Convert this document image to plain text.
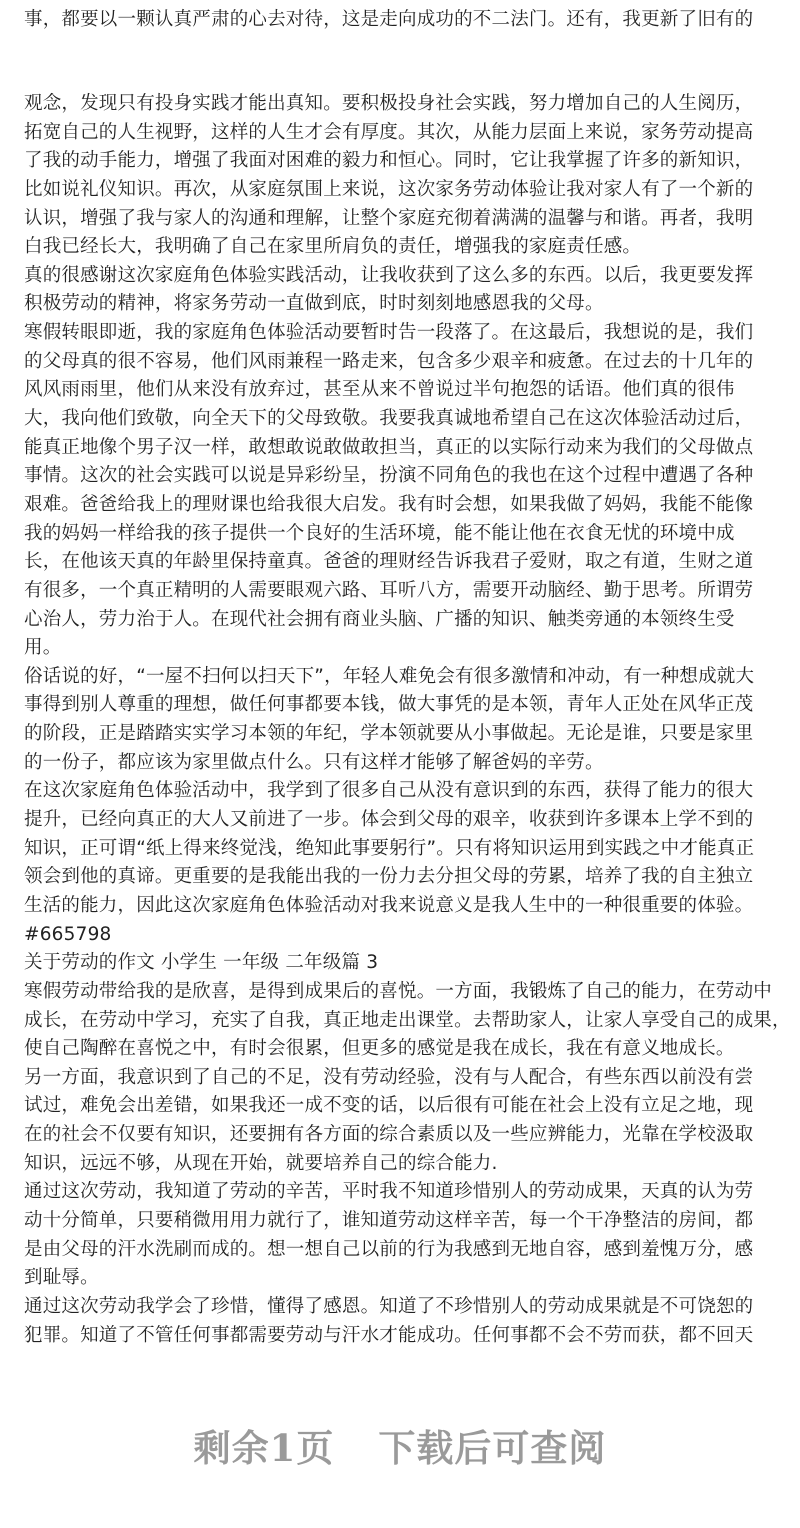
事，都要以一颗认真严肃的心去对待，这是走向成功的不二法门。还有，我更新了旧有的
观念，发现只有投身实践才能出真知。要积极投身社会实践，努力增加自己的人生阅历，
拓宽自己的人生视野，这样的人生才会有厚度。其次，从能力层面上来说，家务劳动提高
了我的动手能力，增强了我面对困难的毅力和恒心。同时，它让我掌握了许多的新知识，
比如说礼仪知识。再次，从家庭氛围上来说，这次家务劳动体验让我对家人有了一个新的
认识，增强了我与家人的沟通和理解，让整个家庭充彻着满满的温馨与和谐。再者，我明
白我已经长大，我明确了自己在家里所肩负的责任，增强我的家庭责任感。
真的很感谢这次家庭角色体验实践活动，让我收获到了这么多的东西。以后，我更要发挥
积极劳动的精神，将家务劳动一直做到底，时时刻刻地感恩我的父母。
寒假转眼即逝，我的家庭角色体验活动要暂时告一段落了。在这最后，我想说的是，我们
的父母真的很不容易，他们风雨兼程一路走来，包含多少艰辛和疲惫。在过去的十几年的
风风雨雨里，他们从来没有放弃过，甚至从来不曾说过半句抱怨的话语。他们真的很伟
大，我向他们致敬，向全天下的父母致敬。我要我真诚地希望自己在这次体验活动过后，
能真正地像个男子汉一样，敢想敢说敢做敢担当，真正的以实际行动来为我们的父母做点
事情。这次的社会实践可以说是异彩纷呈，扮演不同角色的我也在这个过程中遭遇了各种
艰难。爸爸给我上的理财课也给我很大启发。我有时会想，如果我做了妈妈，我能不能像
我的妈妈一样给我的孩子提供一个良好的生活环境，能不能让他在衣食无忧的环境中成
长，在他该天真的年龄里保持童真。爸爸的理财经告诉我君子爱财，取之有道，生财之道
有很多，一个真正精明的人需要眼观六路、耳听八方，需要开动脑经、勤于思考。所谓劳
心治人，劳力治于人。在现代社会拥有商业头脑、广播的知识、触类旁通的本领终生受
用。
俗话说的好，“一屋不扫何以扫天下”，年轻人难免会有很多激情和冲动，有一种想成就大
事得到别人尊重的理想，做任何事都要本钱，做大事凭的是本领，青年人正处在风华正茂
的阶段，正是踏踏实实学习本领的年纪，学本领就要从小事做起。无论是谁，只要是家里
的一份子，都应该为家里做点什么。只有这样才能够了解爸妈的辛劳。
在这次家庭角色体验活动中，我学到了很多自己从没有意识到的东西，获得了能力的很大
提升，已经向真正的大人又前进了一步。体会到父母的艰辛，收获到许多课本上学不到的
知识，正可谓“纸上得来终觉浅，绝知此事要躬行”。只有将知识运用到实践之中才能真正
领会到他的真谛。更重要的是我能出我的一份力去分担父母的劳累，培养了我的自主独立
生活的能力，因此这次家庭角色体验活动对我来说意义是我人生中的一种很重要的体验。
#665798
关于劳动的作文 小学生 一年级 二年级篇 3
寒假劳动带给我的是欣喜，是得到成果后的喜悦。一方面，我锻炼了自己的能力，在劳动中
成长，在劳动中学习，充实了自我，真正地走出课堂。去帮助家人，让家人享受自己的成果，
使自己陶醉在喜悦之中，有时会很累，但更多的感觉是我在成长，我在有意义地成长。
另一方面，我意识到了自己的不足，没有劳动经验，没有与人配合，有些东西以前没有尝
试过，难免会出差错，如果我还一成不变的话，以后很有可能在社会上没有立足之地，现
在的社会不仅要有知识，还要拥有各方面的综合素质以及一些应辨能力，光靠在学校汲取
知识，远远不够，从现在开始，就要培养自己的综合能力.
通过这次劳动，我知道了劳动的辛苦，平时我不知道珍惜别人的劳动成果，天真的认为劳
动十分简单，只要稍微用用力就行了，谁知道劳动这样辛苦，每一个干净整洁的房间，都
是由父母的汗水洗刷而成的。想一想自己以前的行为我感到无地自容，感到羞愧万分，感
到耻辱。
通过这次劳动我学会了珍惜，懂得了感恩。知道了不珍惜别人的劳动成果就是不可饶恕的
犯罪。知道了不管任何事都需要劳动与汗水才能成功。任何事都不会不劳而获，都不回天
剩余1页 下载后可查阅
